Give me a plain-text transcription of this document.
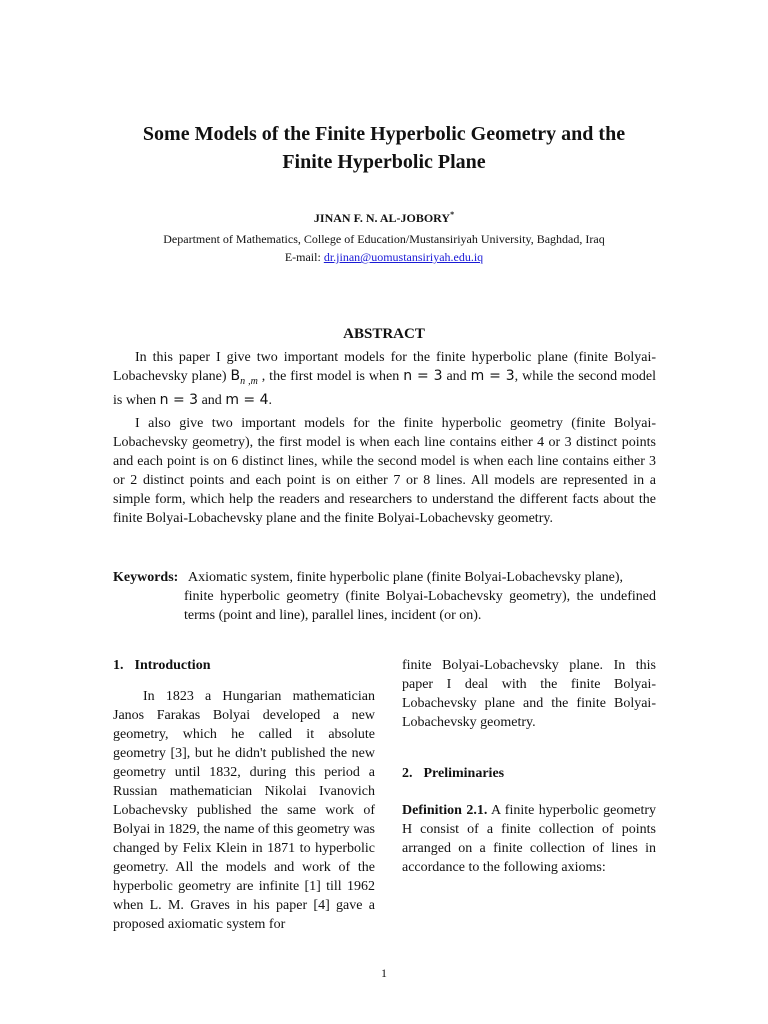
Some Models of the Finite Hyperbolic Geometry and the
Finite Hyperbolic Plane
JINAN F. N. AL-JOBORY*
Department of Mathematics, College of Education/Mustansiriyah University, Baghdad, Iraq
E-mail: dr.jinan@uomustansiriyah.edu.iq
ABSTRACT

In this paper I give two important models for the finite hyperbolic plane (finite Bolyai-Lobachevsky plane) $B_{n ,m}$ , the first model is when n = 3 and m = 3, while the second model is when n = 3 and m = 4.

I also give two important models for the finite hyperbolic geometry (finite Bolyai-Lobachevsky geometry), the first model is when each line contains either 4 or 3 distinct points and each point is on 6 distinct lines, while the second model is when each line contains either 3 or 2 distinct points and each point is on either 7 or 8 lines. All models are represented in a simple form, which help the readers and researchers to understand the different facts about the finite Bolyai-Lobachevsky plane and the finite Bolyai-Lobachevsky geometry.

Keywords: Axiomatic system, finite hyperbolic plane (finite Bolyai-Lobachevsky plane),
finite hyperbolic geometry (finite Bolyai-Lobachevsky geometry), the undefined terms (point and line), parallel lines, incident (or on).
1. Introduction

In 1823 a Hungarian mathematician Janos Farakas Bolyai developed a new geometry, which he called it absolute geometry [3], but he didn't published the new geometry until 1832, during this period a Russian mathematician Nikolai Ivanovich Lobachevsky published the same work of Bolyai in 1829, the name of this geometry was changed by Felix Klein in 1871 to hyperbolic geometry. All the models and work of the hyperbolic geometry are infinite [1] till 1962 when L. M. Graves in his paper [4] gave a proposed axiomatic system for

finite Bolyai-Lobachevsky plane. In this paper I deal with the finite Bolyai-Lobachevsky plane and the finite Bolyai-Lobachevsky geometry.

2. Preliminaries

Definition 2.1. A finite hyperbolic geometry H consist of a finite collection of points arranged on a finite collection of lines in accordance to the following axioms:

1
